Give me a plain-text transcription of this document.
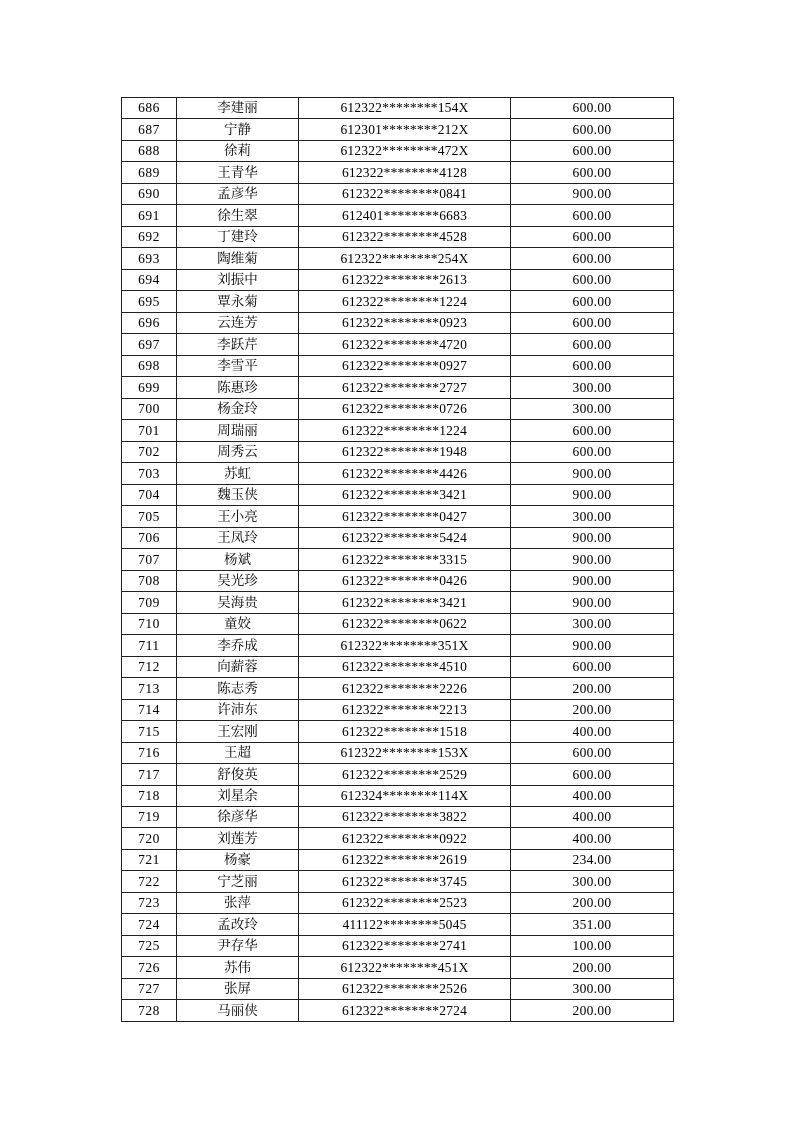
686	李建丽	612322********154X	600.00
687	宁静	612301********212X	600.00
688	徐莉	612322********472X	600.00
689	王青华	612322********4128	600.00
690	孟彦华	612322********0841	900.00
691	徐生翠	612401********6683	600.00
692	丁建玲	612322********4528	600.00
693	陶维菊	612322********254X	600.00
694	刘振中	612322********2613	600.00
695	覃永菊	612322********1224	600.00
696	云连芳	612322********0923	600.00
697	李跃芹	612322********4720	600.00
698	李雪平	612322********0927	600.00
699	陈惠珍	612322********2727	300.00
700	杨金玲	612322********0726	300.00
701	周瑞丽	612322********1224	600.00
702	周秀云	612322********1948	600.00
703	苏虹	612322********4426	900.00
704	魏玉侠	612322********3421	900.00
705	王小亮	612322********0427	300.00
706	王凤玲	612322********5424	900.00
707	杨斌	612322********3315	900.00
708	吴光珍	612322********0426	900.00
709	吴海贵	612322********3421	900.00
710	童姣	612322********0622	300.00
711	李乔成	612322********351X	900.00
712	向薪蓉	612322********4510	600.00
713	陈志秀	612322********2226	200.00
714	许沛东	612322********2213	200.00
715	王宏刚	612322********1518	400.00
716	王超	612322********153X	600.00
717	舒俊英	612322********2529	600.00
718	刘星余	612324********114X	400.00
719	徐彦华	612322********3822	400.00
720	刘莲芳	612322********0922	400.00
721	杨豪	612322********2619	234.00
722	宁芝丽	612322********3745	300.00
723	张萍	612322********2523	200.00
724	孟改玲	411122********5045	351.00
725	尹存华	612322********2741	100.00
726	苏伟	612322********451X	200.00
727	张屏	612322********2526	300.00
728	马丽侠	612322********2724	200.00
